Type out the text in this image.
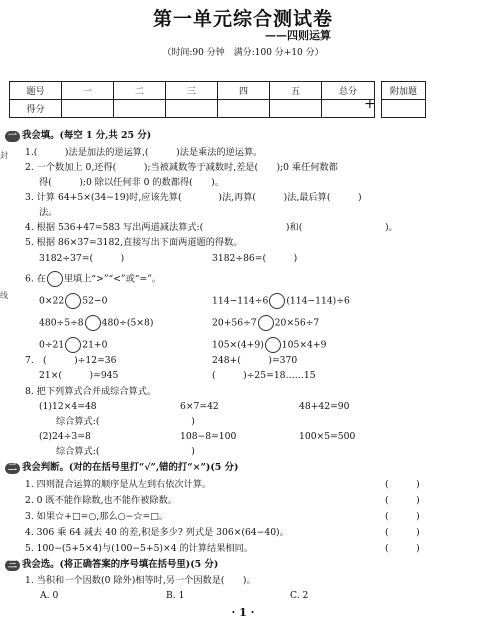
第一单元综合测试卷
——四则运算
（时间:90 分钟　满分:100 分+10 分）
题号	一	二	三	四	五	总分
得分							+
附加题

封
线
一 我会填。(每空 1 分,共 25 分)
1.(　　　)法是加法的逆运算,(　　　)法是乘法的逆运算。
2. 一个数加上 0,还得(　　　);当被减数等于减数时,差是(　　);0 乘任何数都
得(　　　);0 除以任何非 0 的数都得(　　)。
3. 计算 64+5×(34−19)时,应该先算(　　　　)法,再算(　　　)法,最后算(　　　)
法。
4. 根据 536+47=583 写出两道减法算式:(　　　　　　　　　)和(　　　　　　　　　)。
5. 根据 86×37=3182,直接写出下面两道题的得数。
3182÷37=(　　　)	3182÷86=(　　　)
6. 在 里填上“>”“<”或“=”。
0×22 52−0	114−114÷6 (114−114)÷6
480÷5÷8 480÷(5×8)	20+56÷7 20×56÷7
0÷21 21+0	105×(4+9) 105×4+9
7.　(　　　)÷12=36	248+(　　　)=370
21×(　　　)=945	(　　　)÷25=18……15
8. 把下列算式合并成综合算式。
(1)12×4=48	6×7=42	48+42=90
综合算式:(　　　　　　　　　　)
(2)24÷3=8	108−8=100	100×5=500
综合算式:(　　　　　　　　　　)
二 我会判断。(对的在括号里打“√”,错的打“×”)(5 分)
1. 四则混合运算的顺序是从左到右依次计算。	(　　　)
2. 0 既不能作除数,也不能作被除数。	(　　　)
3. 如果☆+□=○,那么○−☆=□。	(　　　)
4. 306 乘 64 减去 40 的差,积是多少? 列式是 306×(64−40)。	(　　　)
5. 100−(5+5×4)与(100−5+5)×4 的计算结果相同。	(　　　)
三 我会选。(将正确答案的序号填在括号里)(5 分)
1. 当积和一个因数(0 除外)相等时,另一个因数是(　　)。
A. 0	B. 1	C. 2
· 1 ·
